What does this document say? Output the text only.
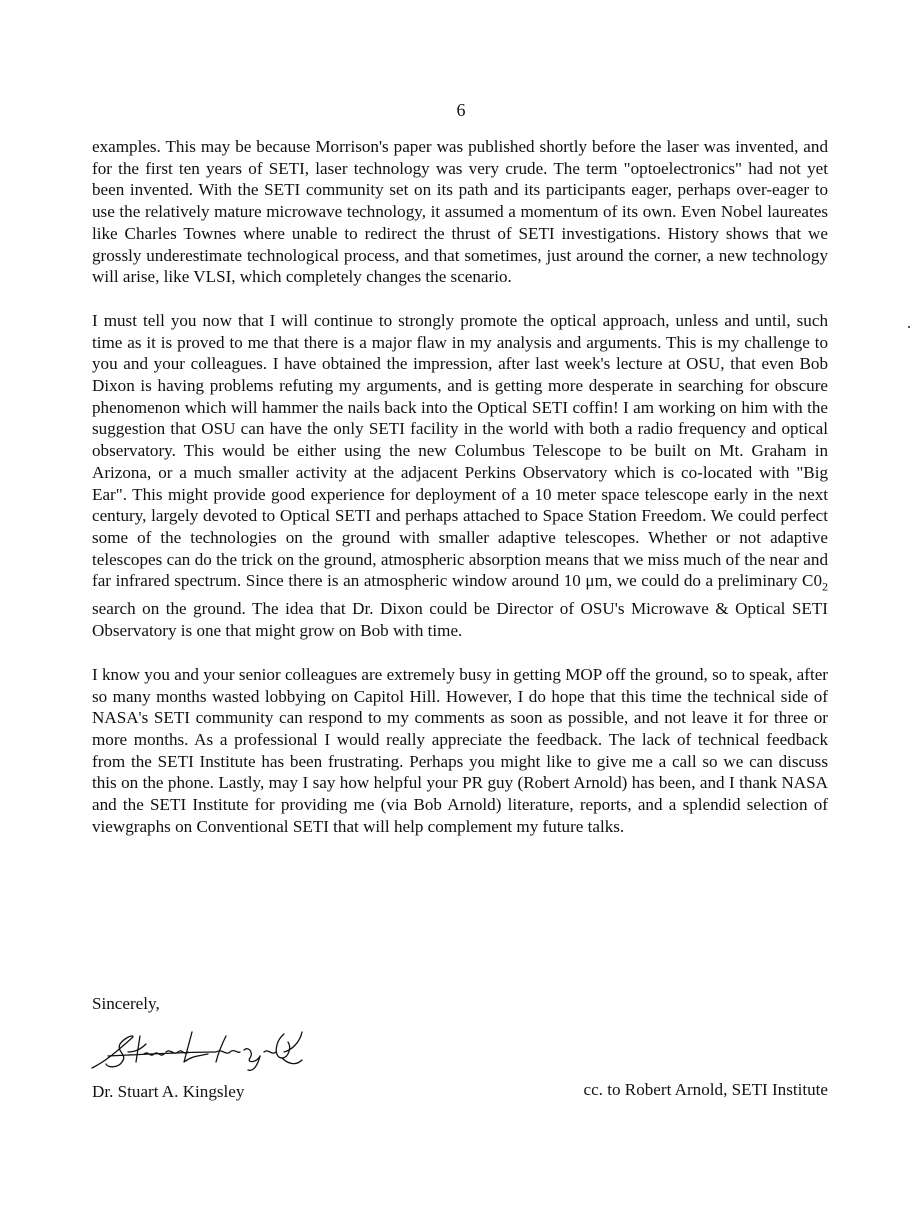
6

examples. This may be because Morrison's paper was published shortly before the laser was invented, and for the first ten years of SETI, laser technology was very crude. The term "optoelectronics" had not yet been invented. With the SETI community set on its path and its participants eager, perhaps over-eager to use the relatively mature microwave technology, it assumed a momentum of its own. Even Nobel laureates like Charles Townes where unable to redirect the thrust of SETI investigations. History shows that we grossly underestimate technological process, and that sometimes, just around the corner, a new technology will arise, like VLSI, which completely changes the scenario.

I must tell you now that I will continue to strongly promote the optical approach, unless and until, such time as it is proved to me that there is a major flaw in my analysis and arguments. This is my challenge to you and your colleagues. I have obtained the impression, after last week's lecture at OSU, that even Bob Dixon is having problems refuting my arguments, and is getting more desperate in searching for obscure phenomenon which will hammer the nails back into the Optical SETI coffin! I am working on him with the suggestion that OSU can have the only SETI facility in the world with both a radio frequency and optical observatory. This would be either using the new Columbus Telescope to be built on Mt. Graham in Arizona, or a much smaller activity at the adjacent Perkins Observatory which is co-located with "Big Ear". This might provide good experience for deployment of a 10 meter space telescope early in the next century, largely devoted to Optical SETI and perhaps attached to Space Station Freedom. We could perfect some of the technologies on the ground with smaller adaptive telescopes. Whether or not adaptive telescopes can do the trick on the ground, atmospheric absorption means that we miss much of the near and far infrared spectrum. Since there is an atmospheric window around 10 μm, we could do a preliminary $C0_2$ search on the ground. The idea that Dr. Dixon could be Director of OSU's Microwave & Optical SETI Observatory is one that might grow on Bob with time.

I know you and your senior colleagues are extremely busy in getting MOP off the ground, so to speak, after so many months wasted lobbying on Capitol Hill. However, I do hope that this time the technical side of NASA's SETI community can respond to my comments as soon as possible, and not leave it for three or more months. As a professional I would really appreciate the feedback. The lack of technical feedback from the SETI Institute has been frustrating. Perhaps you might like to give me a call so we can discuss this on the phone. Lastly, may I say how helpful your PR guy (Robert Arnold) has been, and I thank NASA and the SETI Institute for providing me (via Bob Arnold) literature, reports, and a splendid selection of viewgraphs on Conventional SETI that will help complement my future talks.

Sincerely,
Dr. Stuart A. Kingsley	cc. to Robert Arnold, SETI Institute
